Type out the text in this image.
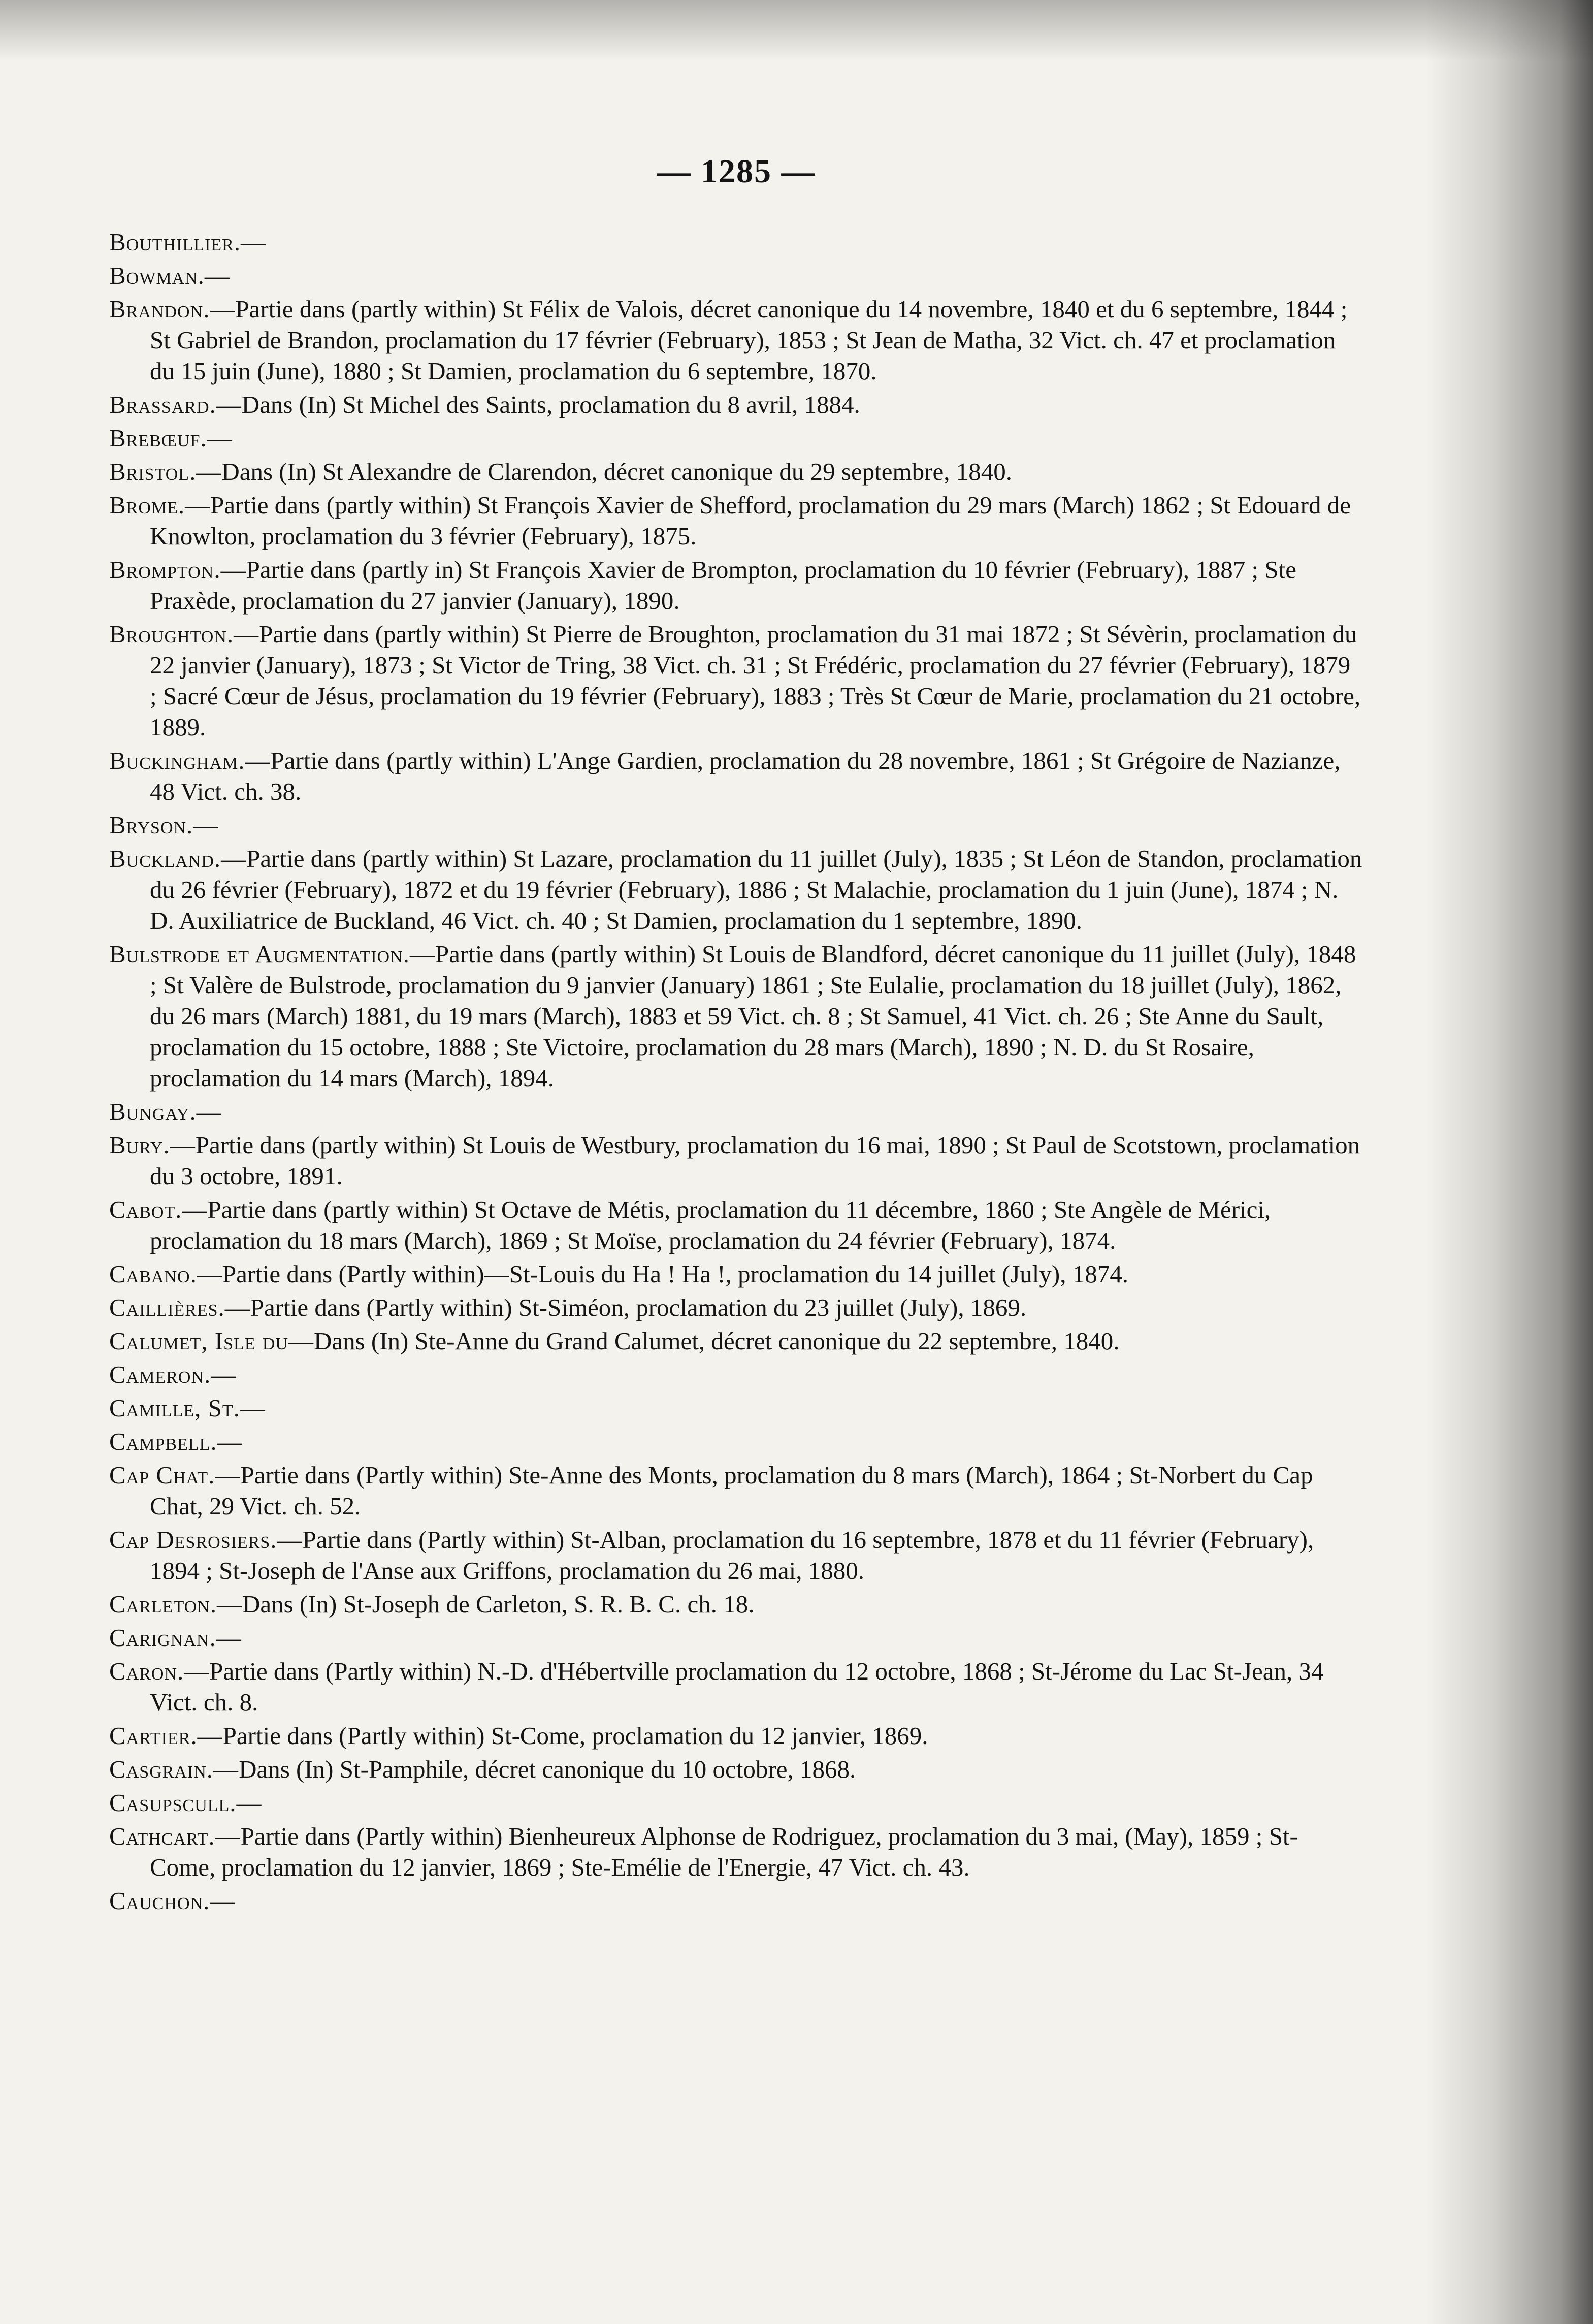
— 1285 —

Bouthillier.—

Bowman.—

Brandon.—Partie dans (partly within) St Félix de Valois, décret canonique du 14 novembre, 1840 et du 6 septembre, 1844 ; St Gabriel de Brandon, proclamation du 17 février (February), 1853 ; St Jean de Matha, 32 Vict. ch. 47 et proclamation du 15 juin (June), 1880 ; St Damien, proclamation du 6 septembre, 1870.

Brassard.—Dans (In) St Michel des Saints, proclamation du 8 avril, 1884.

Brebœuf.—

Bristol.—Dans (In) St Alexandre de Clarendon, décret canonique du 29 septembre, 1840.

Brome.—Partie dans (partly within) St François Xavier de Shefford, proclamation du 29 mars (March) 1862 ; St Edouard de Knowlton, proclamation du 3 février (February), 1875.

Brompton.—Partie dans (partly in) St François Xavier de Brompton, proclamation du 10 février (February), 1887 ; Ste Praxède, proclamation du 27 janvier (January), 1890.

Broughton.—Partie dans (partly within) St Pierre de Broughton, proclamation du 31 mai 1872 ; St Sévèrin, proclamation du 22 janvier (January), 1873 ; St Victor de Tring, 38 Vict. ch. 31 ; St Frédéric, proclamation du 27 février (February), 1879 ; Sacré Cœur de Jésus, proclamation du 19 février (February), 1883 ; Très St Cœur de Marie, proclamation du 21 octobre, 1889.

Buckingham.—Partie dans (partly within) L'Ange Gardien, proclamation du 28 novembre, 1861 ; St Grégoire de Nazianze, 48 Vict. ch. 38.

Bryson.—

Buckland.—Partie dans (partly within) St Lazare, proclamation du 11 juillet (July), 1835 ; St Léon de Standon, proclamation du 26 février (February), 1872 et du 19 février (February), 1886 ; St Malachie, proclamation du 1 juin (June), 1874 ; N. D. Auxiliatrice de Buckland, 46 Vict. ch. 40 ; St Damien, proclamation du 1 septembre, 1890.

Bulstrode et Augmentation.—Partie dans (partly within) St Louis de Blandford, décret canonique du 11 juillet (July), 1848 ; St Valère de Bulstrode, proclamation du 9 janvier (January) 1861 ; Ste Eulalie, proclamation du 18 juillet (July), 1862, du 26 mars (March) 1881, du 19 mars (March), 1883 et 59 Vict. ch. 8 ; St Samuel, 41 Vict. ch. 26 ; Ste Anne du Sault, proclamation du 15 octobre, 1888 ; Ste Victoire, proclamation du 28 mars (March), 1890 ; N. D. du St Rosaire, proclamation du 14 mars (March), 1894.

Bungay.—

Bury.—Partie dans (partly within) St Louis de Westbury, proclamation du 16 mai, 1890 ; St Paul de Scotstown, proclamation du 3 octobre, 1891.

Cabot.—Partie dans (partly within) St Octave de Métis, proclamation du 11 décembre, 1860 ; Ste Angèle de Mérici, proclamation du 18 mars (March), 1869 ; St Moïse, proclamation du 24 février (February), 1874.

Cabano.—Partie dans (Partly within)—St-Louis du Ha ! Ha !, proclamation du 14 juillet (July), 1874.

Caillières.—Partie dans (Partly within) St-Siméon, proclamation du 23 juillet (July), 1869.

Calumet, Isle du—Dans (In) Ste-Anne du Grand Calumet, décret canonique du 22 septembre, 1840.

Cameron.—

Camille, St.—

Campbell.—

Cap Chat.—Partie dans (Partly within) Ste-Anne des Monts, proclamation du 8 mars (March), 1864 ; St-Norbert du Cap Chat, 29 Vict. ch. 52.

Cap Desrosiers.—Partie dans (Partly within) St-Alban, proclamation du 16 septembre, 1878 et du 11 février (February), 1894 ; St-Joseph de l'Anse aux Griffons, proclamation du 26 mai, 1880.

Carleton.—Dans (In) St-Joseph de Carleton, S. R. B. C. ch. 18.

Carignan.—

Caron.—Partie dans (Partly within) N.-D. d'Hébertville proclamation du 12 octobre, 1868 ; St-Jérome du Lac St-Jean, 34 Vict. ch. 8.

Cartier.—Partie dans (Partly within) St-Come, proclamation du 12 janvier, 1869.

Casgrain.—Dans (In) St-Pamphile, décret canonique du 10 octobre, 1868.

Casupscull.—

Cathcart.—Partie dans (Partly within) Bienheureux Alphonse de Rodriguez, proclamation du 3 mai, (May), 1859 ; St-Come, proclamation du 12 janvier, 1869 ; Ste-Emélie de l'Energie, 47 Vict. ch. 43.

Cauchon.—
